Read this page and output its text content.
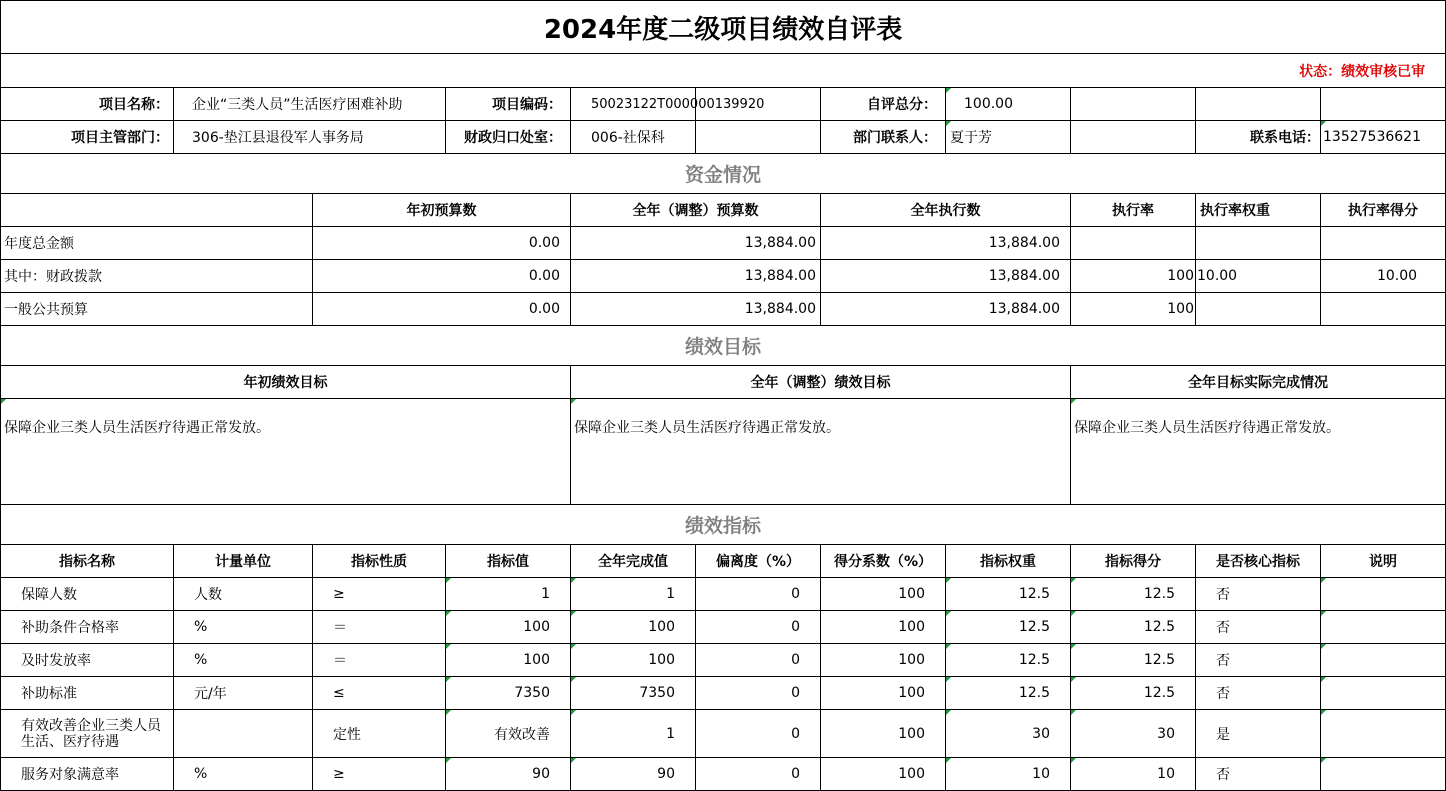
2024年度二级项目绩效自评表										
状态：绩效审核已审										
项目名称：	企业“三类人员”生活医疗困难补助		项目编码：	50023122T000000139920		自评总分：	100.00			
项目主管部门：	306-垫江县退役军人事务局		财政归口处室：	006-社保科		部门联系人：	夏于芳		联系电话：	13527536621
资金情况										
		年初预算数		全年（调整）预算数		全年执行数		执行率	执行率权重	执行率得分
年度总金额		0.00		13,884.00		13,884.00				
其中：财政拨款		0.00		13,884.00		13,884.00		100	10.00	10.00
一般公共预算		0.00		13,884.00		13,884.00		100		
绩效目标										
年初绩效目标				全年（调整）绩效目标				全年目标实际完成情况		
保障企业三类人员生活医疗待遇正常发放。				保障企业三类人员生活医疗待遇正常发放。				保障企业三类人员生活医疗待遇正常发放。		
绩效指标										
指标名称	计量单位	指标性质	指标值	全年完成值	偏离度（%）	得分系数（%）	指标权重	指标得分	是否核心指标	说明
保障人数	人数	≥	1	1	0	100	12.5	12.5	否	
补助条件合格率	%	＝	100	100	0	100	12.5	12.5	否	
及时发放率	%	＝	100	100	0	100	12.5	12.5	否	
补助标准	元/年	≤	7350	7350	0	100	12.5	12.5	否	
有效改善企业三类人员生活、医疗待遇		定性	有效改善	1	0	100	30	30	是	
服务对象满意率	%	≥	90	90	0	100	10	10	否	
